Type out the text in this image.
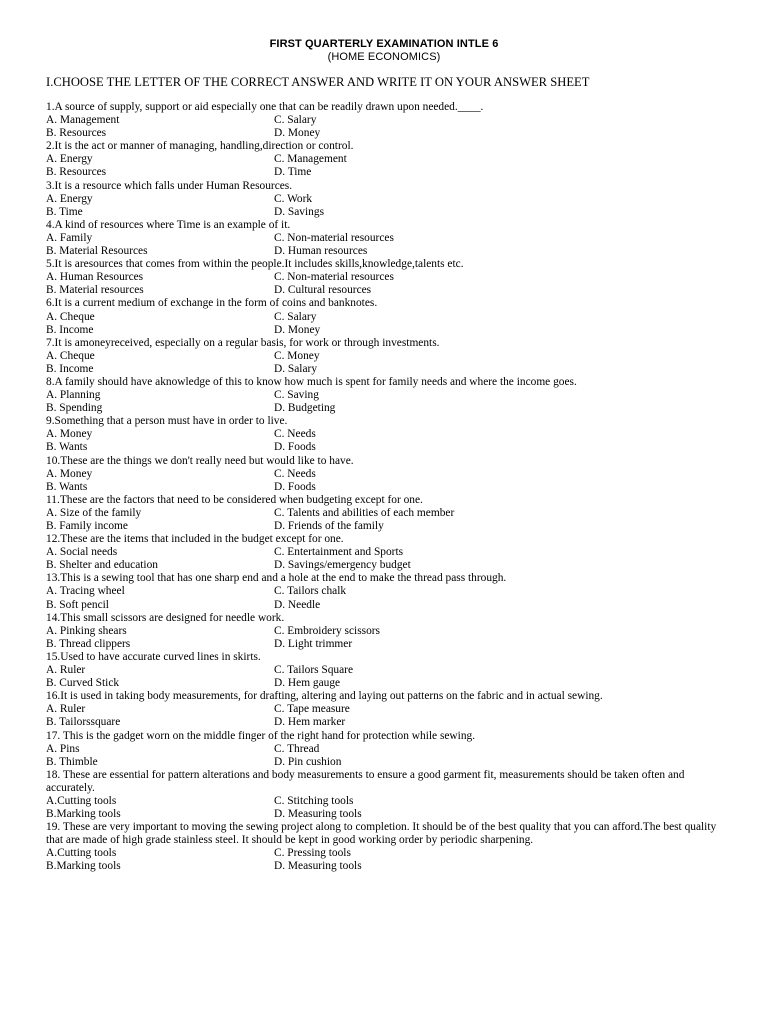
FIRST QUARTERLY EXAMINATION INTLE 6
(HOME ECONOMICS)
I.CHOOSE THE LETTER OF THE CORRECT ANSWER AND WRITE IT ON YOUR ANSWER SHEET
1.A source of supply, support or aid especially one that can be readily drawn upon needed.____.
A. Management	C. Salary
B. Resources	D. Money
2.It is the act or manner of managing, handling,direction or control.
A. Energy	C. Management
B. Resources	D. Time
3.It is a resource which falls under Human Resources.
A. Energy	C. Work
B. Time	D. Savings
4.A kind of resources where Time is an example of it.
A. Family	C. Non-material resources
B. Material Resources	D. Human resources
5.It is aresources that comes from within the people.It includes skills,knowledge,talents etc.
A. Human Resources	C. Non-material resources
B. Material resources	D. Cultural resources
6.It is a current medium of exchange in the form of coins and banknotes.
A. Cheque	C. Salary
B. Income	D. Money
7.It is amoneyreceived, especially on a regular basis, for work or through investments.
A. Cheque	C. Money
B. Income	D. Salary
8.A family should have aknowledge of this to know how much is spent for family needs and where the income goes.
A. Planning	C. Saving
B. Spending	D. Budgeting
9.Something that a person must have in order to live.
A. Money	C. Needs
B. Wants	D. Foods
10.These are the things we don't really need but would like to have.
A. Money	C. Needs
B. Wants	D. Foods
11.These are the factors that need to be considered when budgeting except for one.
A. Size of the family	C. Talents and abilities of each member
B. Family income	D. Friends of the family
12.These are the items that included in the budget except for one.
A. Social needs	C. Entertainment and Sports
B. Shelter and education	D. Savings/emergency budget
13.This is a sewing tool that has one sharp end and a hole at the end to make the thread pass through.
A. Tracing wheel	C. Tailors chalk
B. Soft pencil	D. Needle
14.This small scissors are designed for needle work.
A. Pinking shears	C. Embroidery scissors
B. Thread clippers	D. Light trimmer
15.Used to have accurate curved lines in skirts.
A. Ruler	C. Tailors Square
B. Curved Stick	D. Hem gauge
16.It is used in taking body measurements, for drafting, altering and laying out patterns on the fabric and in actual sewing.
A. Ruler	C. Tape measure
B. Tailorssquare	D. Hem marker
17. This is the gadget worn on the middle finger of the right hand for protection while sewing.
A. Pins	C. Thread
B. Thimble	D. Pin cushion
18. These are essential for pattern alterations and body measurements to ensure a good garment fit, measurements should be taken often and accurately.
A.Cutting tools	C. Stitching tools
B.Marking tools	D. Measuring tools
19. These are very important to moving the sewing project along to completion. It should be of the best quality that you can afford.The best quality that are made of high grade stainless steel. It should be kept in good working order by periodic sharpening.
A.Cutting tools	C. Pressing tools
B.Marking tools	D. Measuring tools
